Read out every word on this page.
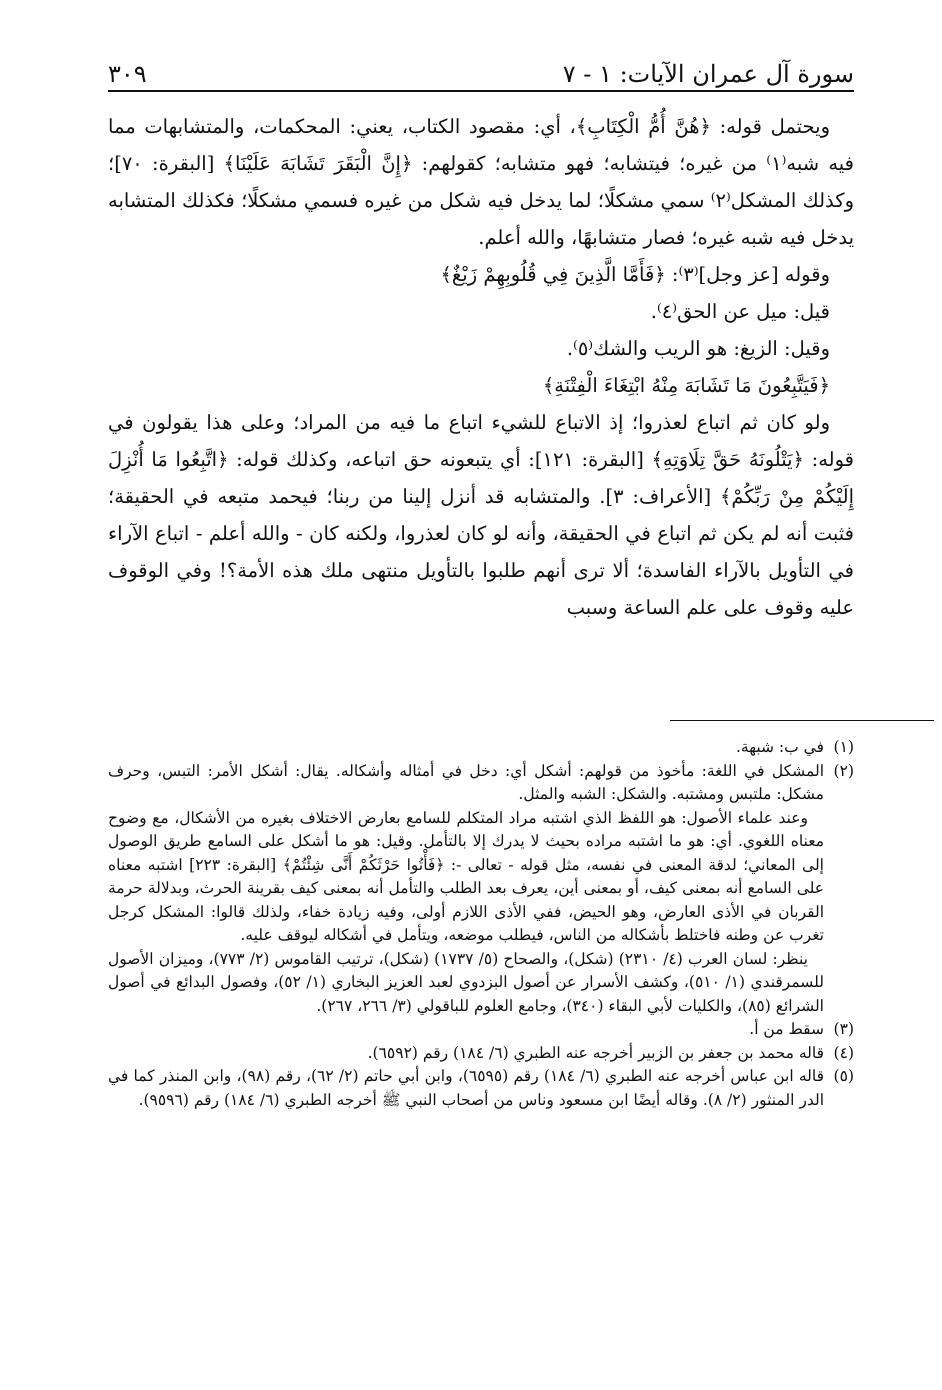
سورة آل عمران الآيات: ١ - ٧
٣٠٩

ويحتمل قوله: ﴿هُنَّ أُمُّ الْكِتَابِ﴾، أي: مقصود الكتاب، يعني: المحكمات، والمتشابهات مما فيه شبه⁽١⁾ من غيره؛ فيتشابه؛ فهو متشابه؛ كقولهم: ﴿إِنَّ الْبَقَرَ تَشَابَهَ عَلَيْنَا﴾ [البقرة: ٧٠]؛ وكذلك المشكل⁽٢⁾ سمي مشكلًا؛ لما يدخل فيه شكل من غيره فسمي مشكلًا؛ فكذلك المتشابه يدخل فيه شبه غيره؛ فصار متشابهًا، والله أعلم.

وقوله [عز وجل]⁽٣⁾: ﴿فَأَمَّا الَّذِينَ فِي قُلُوبِهِمْ زَيْغٌ﴾

قيل: ميل عن الحق⁽٤⁾.

وقيل: الزيغ: هو الريب والشك⁽٥⁾.

﴿فَيَتَّبِعُونَ مَا تَشَابَهَ مِنْهُ ابْتِغَاءَ الْفِتْنَةِ﴾

ولو كان ثم اتباع لعذروا؛ إذ الاتباع للشيء اتباع ما فيه من المراد؛ وعلى هذا يقولون في قوله: ﴿يَتْلُونَهُ حَقَّ تِلَاوَتِهِ﴾ [البقرة: ١٢١]: أي يتبعونه حق اتباعه، وكذلك قوله: ﴿اتَّبِعُوا مَا أُنْزِلَ إِلَيْكُمْ مِنْ رَبِّكُمْ﴾ [الأعراف: ٣]. والمتشابه قد أنزل إلينا من ربنا؛ فيحمد متبعه في الحقيقة؛ فثبت أنه لم يكن ثم اتباع في الحقيقة، وأنه لو كان لعذروا، ولكنه كان - والله أعلم - اتباع الآراء في التأويل بالآراء الفاسدة؛ ألا ترى أنهم طلبوا بالتأويل منتهى ملك هذه الأمة؟! وفي الوقوف عليه وقوف على علم الساعة وسبب

(١)
في ب: شبهة.
(٢)
المشكل في اللغة: مأخوذ من قولهم: أشكل أي: دخل في أمثاله وأشكاله. يقال: أشكل الأمر: التبس، وحرف مشكل: ملتبس ومشتبه. والشكل: الشبه والمثل.
وعند علماء الأصول: هو اللفظ الذي اشتبه مراد المتكلم للسامع بعارض الاختلاف بغيره من الأشكال، مع وضوح معناه اللغوي. أي: هو ما اشتبه مراده بحيث لا يدرك إلا بالتأمل. وقيل: هو ما أشكل على السامع طريق الوصول إلى المعاني؛ لدقة المعنى في نفسه، مثل قوله - تعالى -: ﴿فَأْتُوا حَرْثَكُمْ أَنَّى شِئْتُمْ﴾ [البقرة: ٢٢٣] اشتبه معناه على السامع أنه بمعنى كيف، أو بمعنى أين، يعرف بعد الطلب والتأمل أنه بمعنى كيف بقرينة الحرث، وبدلالة حرمة القربان في الأذى العارض، وهو الحيض، ففي الأذى اللازم أولى، وفيه زيادة خفاء، ولذلك قالوا: المشكل كرجل تغرب عن وطنه فاختلط بأشكاله من الناس، فيطلب موضعه، ويتأمل في أشكاله ليوقف عليه.
ينظر: لسان العرب (٤/ ٢٣١٠) (شكل)، والصحاح (٥/ ١٧٣٧) (شكل)، ترتيب القاموس (٢/ ٧٧٣)، وميزان الأصول للسمرقندي (١/ ٥١٠)، وكشف الأسرار عن أصول البزدوي لعبد العزيز البخاري (١/ ٥٢)، وفصول البدائع في أصول الشرائع (٨٥)، والكليات لأبي البقاء (٣٤٠)، وجامع العلوم للباقولي (٣/ ٢٦٦، ٢٦٧).
(٣)
سقط من أ.
(٤)
قاله محمد بن جعفر بن الزبير أخرجه عنه الطبري (٦/ ١٨٤) رقم (٦٥٩٢).
(٥)
قاله ابن عباس أخرجه عنه الطبري (٦/ ١٨٤) رقم (٦٥٩٥)، وابن أبي حاتم (٢/ ٦٢)، رقم (٩٨)، وابن المنذر كما في الدر المنثور (٢/ ٨). وقاله أيضًا ابن مسعود وناس من أصحاب النبي ﷺ أخرجه الطبري (٦/ ١٨٤) رقم (٩٥٩٦).
